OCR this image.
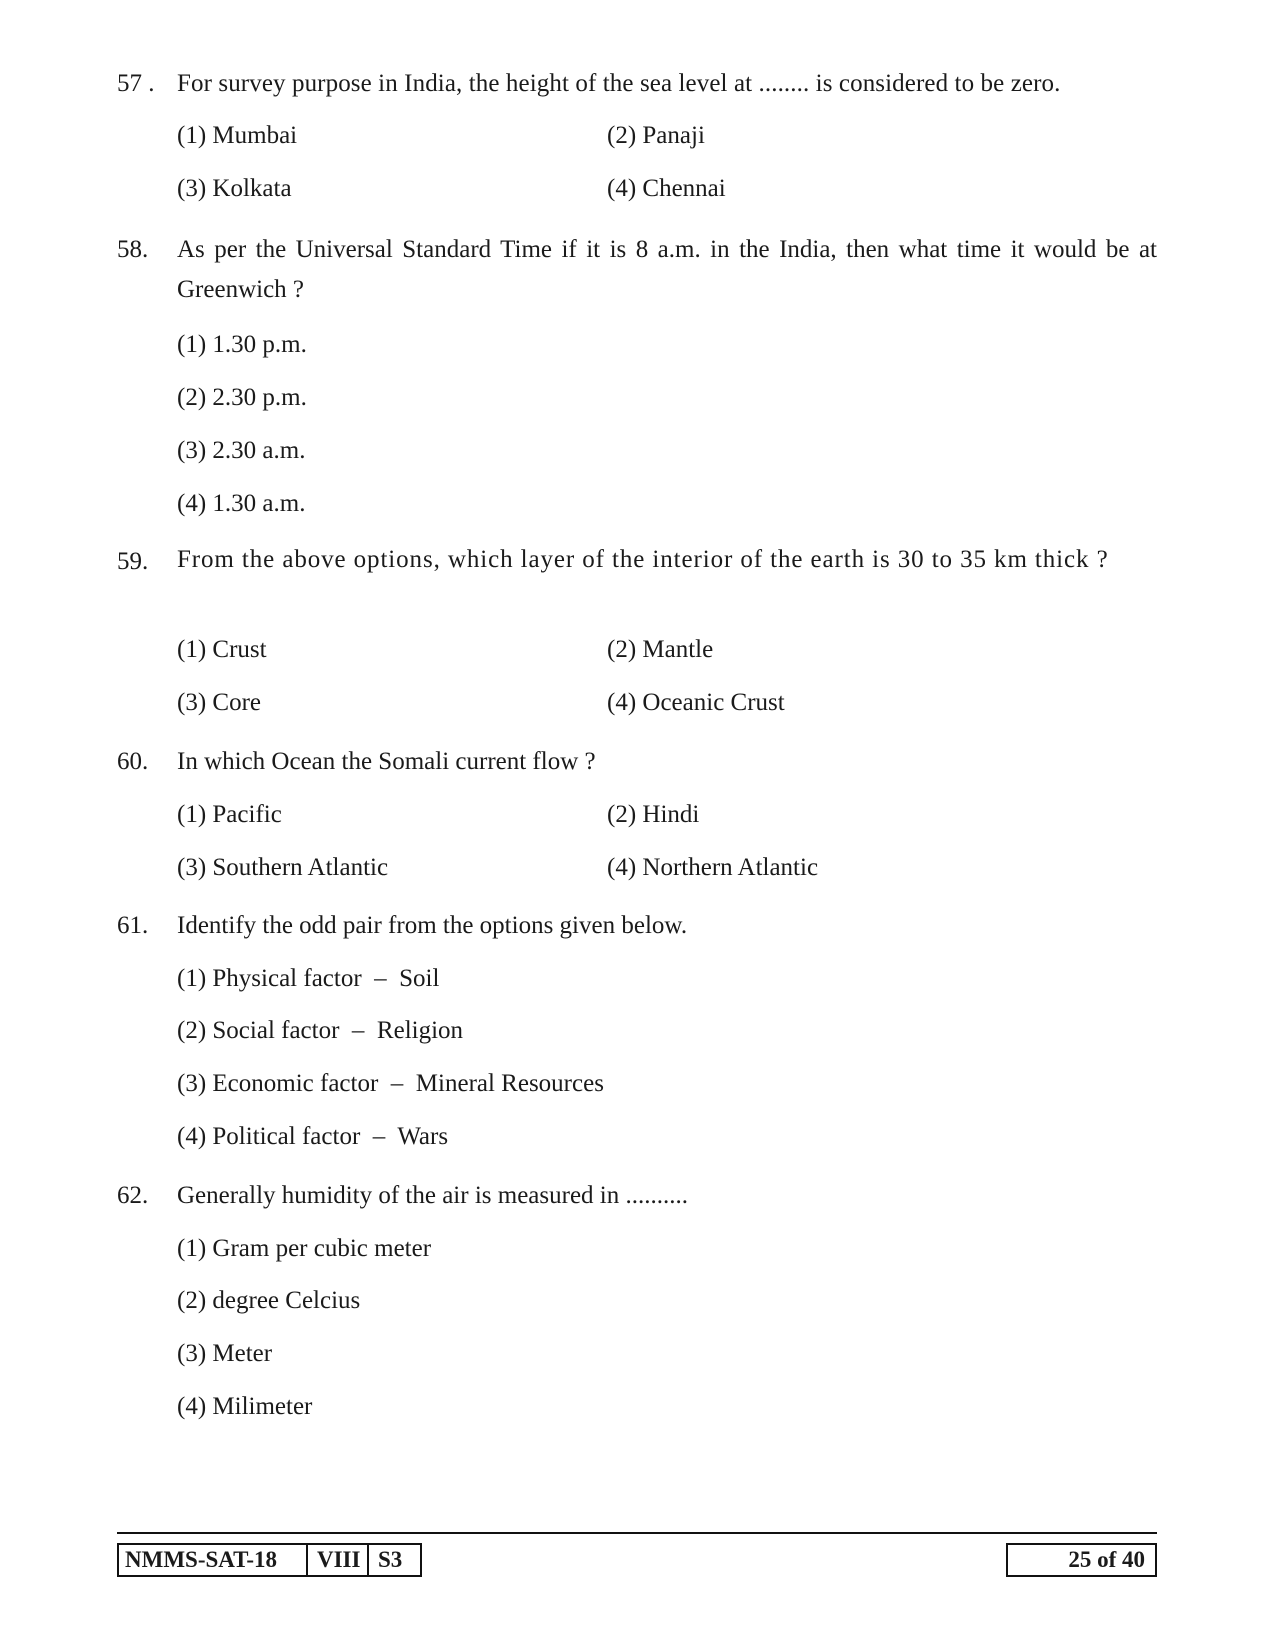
57 . For survey purpose in India, the height of the sea level at ........ is considered to be zero.
(1) Mumbai	(2) Panaji
(3) Kolkata	(4) Chennai
58. As per the Universal Standard Time if it is 8 a.m. in the India, then what time it would be at Greenwich ?
(1) 1.30 p.m.
(2) 2.30 p.m.
(3) 2.30 a.m.
(4) 1.30 a.m.
59. From the above options, which layer of the interior of the earth is 30 to 35 km thick ?
(1) Crust	(2) Mantle
(3) Core	(4) Oceanic Crust
60. In which Ocean the Somali current flow ?
(1) Pacific	(2) Hindi
(3) Southern Atlantic	(4) Northern Atlantic
61. Identify the odd pair from the options given below.
(1) Physical factor  –  Soil
(2) Social factor  –  Religion
(3) Economic factor  –  Mineral Resources
(4) Political factor  –  Wars
62. Generally humidity of the air is measured in ..........
(1) Gram per cubic meter
(2) degree Celcius
(3) Meter
(4) Milimeter
NMMS-SAT-18 VIII S3	25 of 40
